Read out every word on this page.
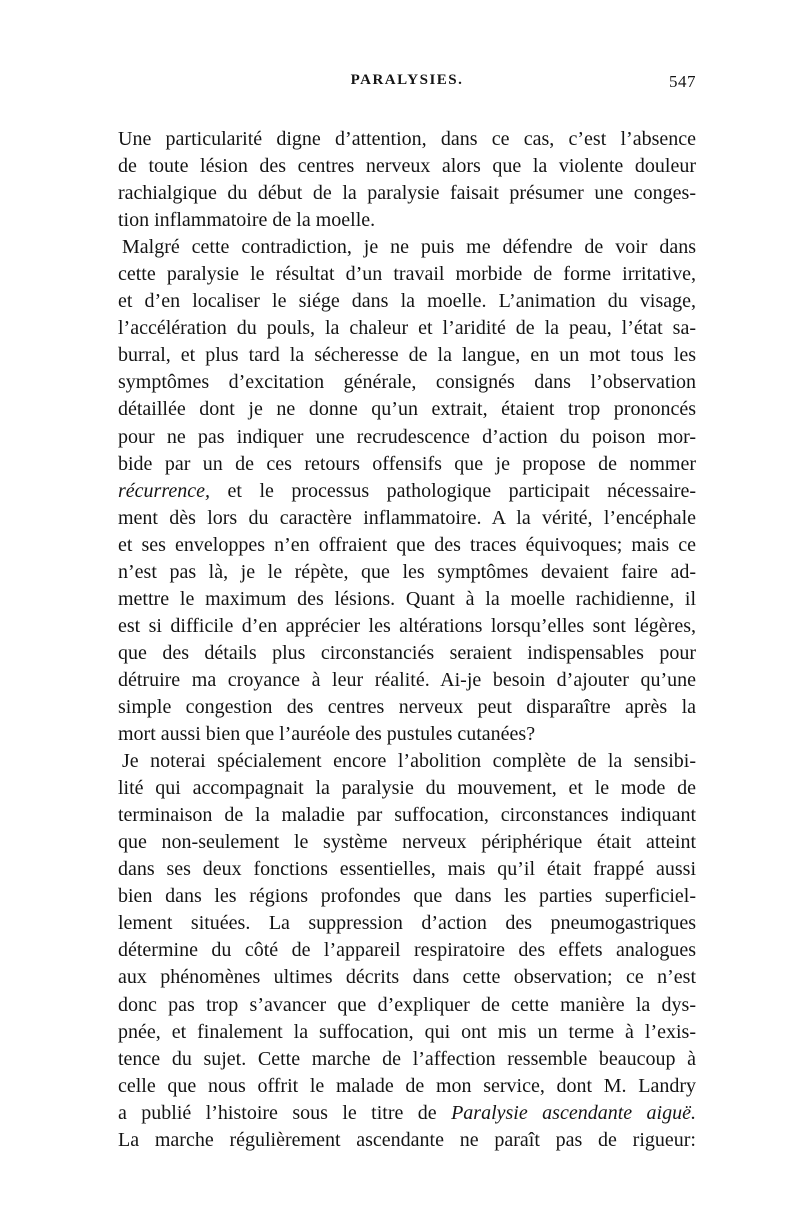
PARALYSIES.	547
Une particularité digne d’attention, dans ce cas, c’est l’absence
de toute lésion des centres nerveux alors que la violente douleur
rachialgique du début de la paralysie faisait présumer une conges-
tion inflammatoire de la moelle.
Malgré cette contradiction, je ne puis me défendre de voir dans
cette paralysie le résultat d’un travail morbide de forme irritative,
et d’en localiser le siége dans la moelle. L’animation du visage,
l’accélération du pouls, la chaleur et l’aridité de la peau, l’état sa-
burral, et plus tard la sécheresse de la langue, en un mot tous les
symptômes d’excitation générale, consignés dans l’observation
détaillée dont je ne donne qu’un extrait, étaient trop prononcés
pour ne pas indiquer une recrudescence d’action du poison mor-
bide par un de ces retours offensifs que je propose de nommer
récurrence, et le processus pathologique participait nécessaire-
ment dès lors du caractère inflammatoire. A la vérité, l’encéphale
et ses enveloppes n’en offraient que des traces équivoques; mais ce
n’est pas là, je le répète, que les symptômes devaient faire ad-
mettre le maximum des lésions. Quant à la moelle rachidienne, il
est si difficile d’en apprécier les altérations lorsqu’elles sont légères,
que des détails plus circonstanciés seraient indispensables pour
détruire ma croyance à leur réalité. Ai-je besoin d’ajouter qu’une
simple congestion des centres nerveux peut disparaître après la
mort aussi bien que l’auréole des pustules cutanées?
Je noterai spécialement encore l’abolition complète de la sensibi-
lité qui accompagnait la paralysie du mouvement, et le mode de
terminaison de la maladie par suffocation, circonstances indiquant
que non-seulement le système nerveux périphérique était atteint
dans ses deux fonctions essentielles, mais qu’il était frappé aussi
bien dans les régions profondes que dans les parties superficiel-
lement situées. La suppression d’action des pneumogastriques
détermine du côté de l’appareil respiratoire des effets analogues
aux phénomènes ultimes décrits dans cette observation; ce n’est
donc pas trop s’avancer que d’expliquer de cette manière la dys-
pnée, et finalement la suffocation, qui ont mis un terme à l’exis-
tence du sujet. Cette marche de l’affection ressemble beaucoup à
celle que nous offrit le malade de mon service, dont M. Landry
a publié l’histoire sous le titre de Paralysie ascendante aiguë.
La marche régulièrement ascendante ne paraît pas de rigueur:
